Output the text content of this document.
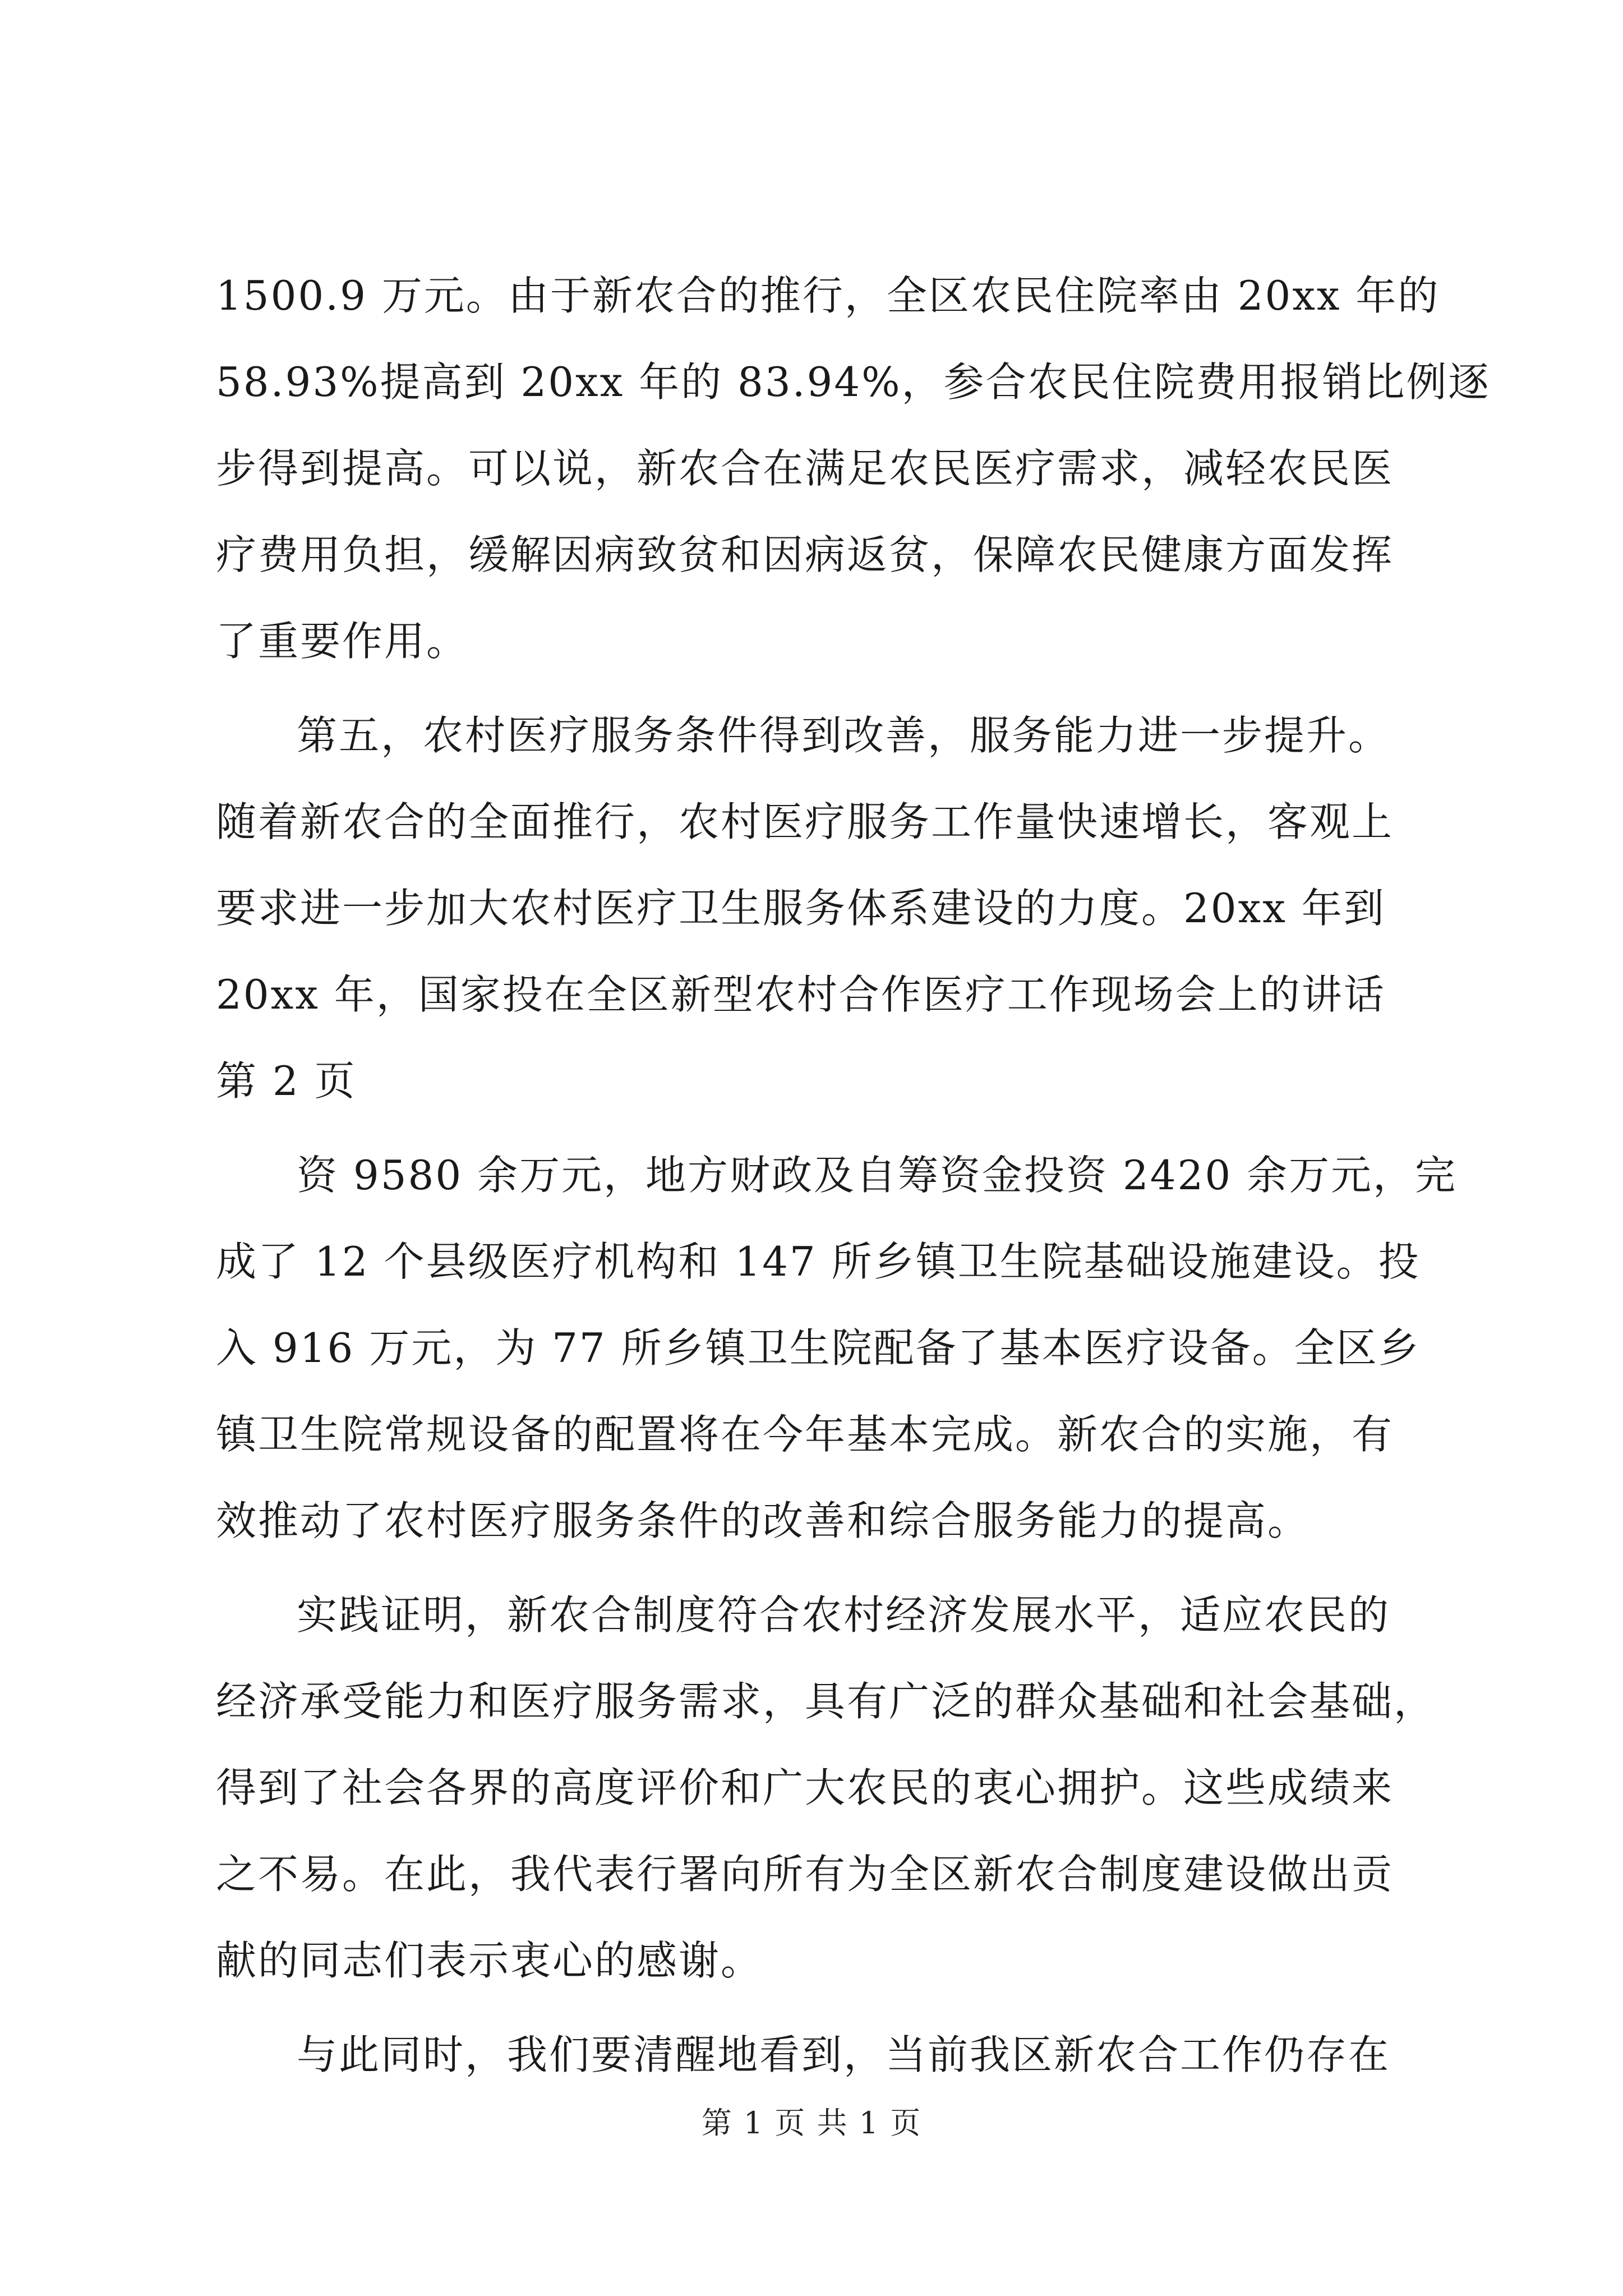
1500.9 万元。由于新农合的推行，全区农民住院率由 20xx 年的
58.93%提高到 20xx 年的 83.94%，参合农民住院费用报销比例逐
步得到提高。可以说，新农合在满足农民医疗需求，减轻农民医
疗费用负担，缓解因病致贫和因病返贫，保障农民健康方面发挥
了重要作用。
第五，农村医疗服务条件得到改善，服务能力进一步提升。
随着新农合的全面推行，农村医疗服务工作量快速增长，客观上
要求进一步加大农村医疗卫生服务体系建设的力度。20xx 年到
20xx 年，国家投在全区新型农村合作医疗工作现场会上的讲话
第 2 页
资 9580 余万元，地方财政及自筹资金投资 2420 余万元，完
成了 12 个县级医疗机构和 147 所乡镇卫生院基础设施建设。投
入 916 万元，为 77 所乡镇卫生院配备了基本医疗设备。全区乡
镇卫生院常规设备的配置将在今年基本完成。新农合的实施，有
效推动了农村医疗服务条件的改善和综合服务能力的提高。
实践证明，新农合制度符合农村经济发展水平，适应农民的
经济承受能力和医疗服务需求，具有广泛的群众基础和社会基础，
得到了社会各界的高度评价和广大农民的衷心拥护。这些成绩来
之不易。在此，我代表行署向所有为全区新农合制度建设做出贡
献的同志们表示衷心的感谢。
与此同时，我们要清醒地看到，当前我区新农合工作仍存在
第 1 页 共 1 页
